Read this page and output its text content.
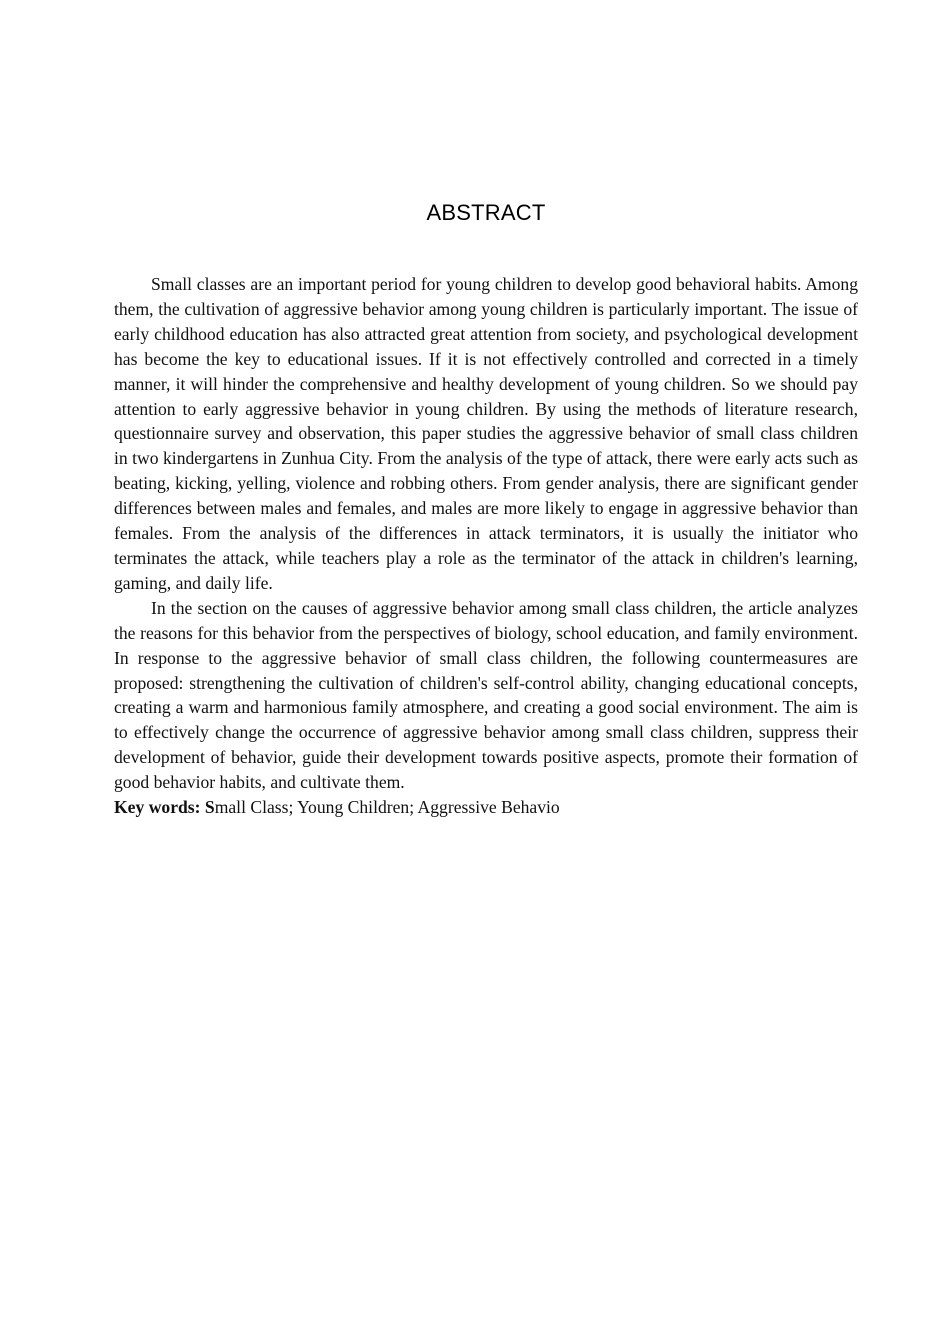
ABSTRACT

Small classes are an important period for young children to develop good behavioral habits. Among them, the cultivation of aggressive behavior among young children is particularly important. The issue of early childhood education has also attracted great attention from society, and psychological development has become the key to educational issues. If it is not effectively controlled and corrected in a timely manner, it will hinder the comprehensive and healthy development of young children. So we should pay attention to early aggressive behavior in young children. By using the methods of literature research, questionnaire survey and observation, this paper studies the aggressive behavior of small class children in two kindergartens in Zunhua City. From the analysis of the type of attack, there were early acts such as beating, kicking, yelling, violence and robbing others. From gender analysis, there are significant gender differences between males and females, and males are more likely to engage in aggressive behavior than females. From the analysis of the differences in attack terminators, it is usually the initiator who terminates the attack, while teachers play a role as the terminator of the attack in children's learning, gaming, and daily life.

In the section on the causes of aggressive behavior among small class children, the article analyzes the reasons for this behavior from the perspectives of biology, school education, and family environment. In response to the aggressive behavior of small class children, the following countermeasures are proposed: strengthening the cultivation of children's self-control ability, changing educational concepts, creating a warm and harmonious family atmosphere, and creating a good social environment. The aim is to effectively change the occurrence of aggressive behavior among small class children, suppress their development of behavior, guide their development towards positive aspects, promote their formation of good behavior habits, and cultivate them.

Key words: Small Class; Young Children; Aggressive Behavio
